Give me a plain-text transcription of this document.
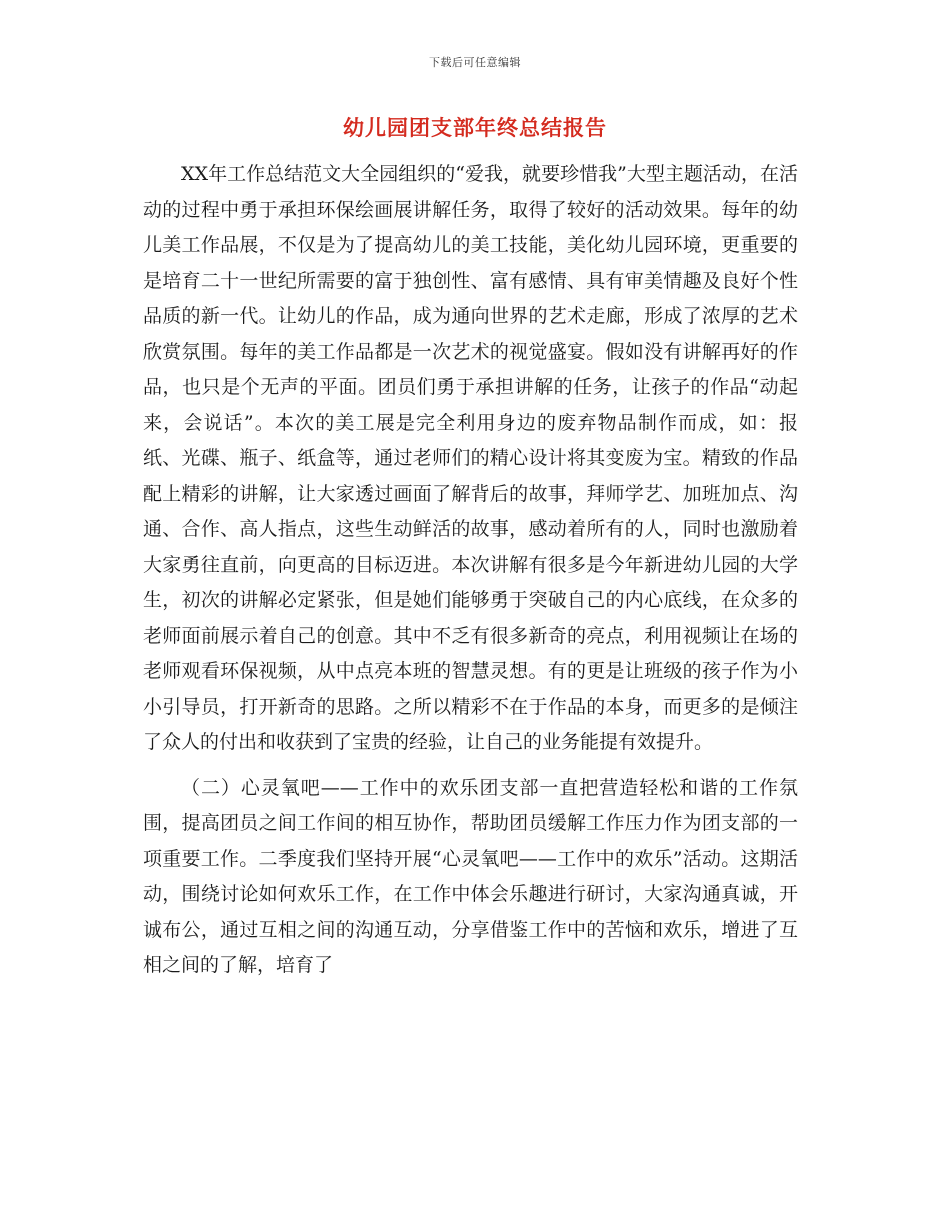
下载后可任意编辑
幼儿园团支部年终总结报告

XX年工作总结范文大全园组织的“爱我，就要珍惜我”大型主题活动，在活动的过程中勇于承担环保绘画展讲解任务，取得了较好的活动效果。每年的幼儿美工作品展，不仅是为了提高幼儿的美工技能，美化幼儿园环境，更重要的是培育二十一世纪所需要的富于独创性、富有感情、具有审美情趣及良好个性品质的新一代。让幼儿的作品，成为通向世界的艺术走廊，形成了浓厚的艺术欣赏氛围。每年的美工作品都是一次艺术的视觉盛宴。假如没有讲解再好的作品，也只是个无声的平面。团员们勇于承担讲解的任务，让孩子的作品“动起来，会说话”。本次的美工展是完全利用身边的废弃物品制作而成，如：报纸、光碟、瓶子、纸盒等，通过老师们的精心设计将其变废为宝。精致的作品配上精彩的讲解，让大家透过画面了解背后的故事，拜师学艺、加班加点、沟通、合作、高人指点，这些生动鲜活的故事，感动着所有的人，同时也激励着大家勇往直前，向更高的目标迈进。本次讲解有很多是今年新进幼儿园的大学生，初次的讲解必定紧张，但是她们能够勇于突破自己的内心底线，在众多的老师面前展示着自己的创意。其中不乏有很多新奇的亮点，利用视频让在场的老师观看环保视频，从中点亮本班的智慧灵想。有的更是让班级的孩子作为小小引导员，打开新奇的思路。之所以精彩不在于作品的本身，而更多的是倾注了众人的付出和收获到了宝贵的经验，让自己的业务能提有效提升。

（二）心灵氧吧——工作中的欢乐团支部一直把营造轻松和谐的工作氛围，提高团员之间工作间的相互协作，帮助团员缓解工作压力作为团支部的一项重要工作。二季度我们坚持开展“心灵氧吧——工作中的欢乐”活动。这期活动，围绕讨论如何欢乐工作，在工作中体会乐趣进行研讨，大家沟通真诚，开诚布公，通过互相之间的沟通互动，分享借鉴工作中的苦恼和欢乐，增进了互相之间的了解，培育了
